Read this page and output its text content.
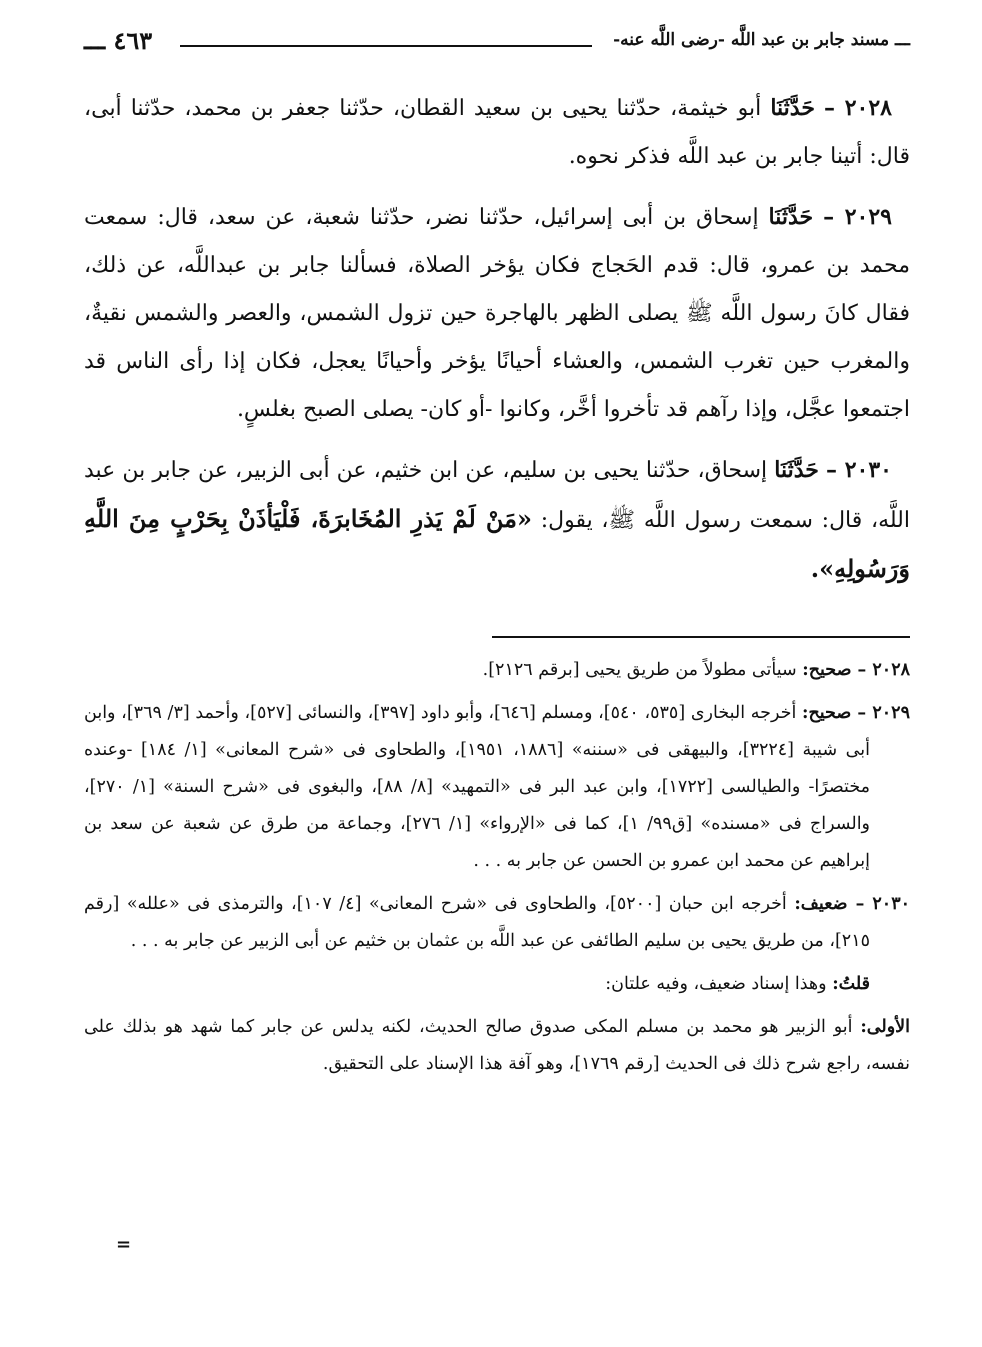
ـــ مسند جابر بن عبد اللَّه -رضى اللَّه عنه-
٤٦٣ ـــ

٢٠٢٨ – حَدَّثَنَا أبو خيثمة، حدّثنا يحيى بن سعيد القطان، حدّثنا جعفر بن محمد، حدّثنا أبى، قال: أتينا جابر بن عبد اللَّه فذكر نحوه.

٢٠٢٩ – حَدَّثَنَا إسحاق بن أبى إسرائيل، حدّثنا نضر، حدّثنا شعبة، عن سعد، قال: سمعت محمد بن عمرو، قال: قدم الحَجاج فكان يؤخر الصلاة، فسألنا جابر بن عبداللَّه، عن ذلك، فقال كانَ رسول اللَّه ﷺ يصلى الظهر بالهاجرة حين تزول الشمس، والعصر والشمس نقيةٌ، والمغرب حين تغرب الشمس، والعشاء أحيانًا يؤخر وأحيانًا يعجل، فكان إذا رأى الناس قد اجتمعوا عجَّل، وإذا رآهم قد تأخروا أخَّر، وكانوا -أو كان- يصلى الصبح بغلسٍ.

٢٠٣٠ – حَدَّثَنَا إسحاق، حدّثنا يحيى بن سليم، عن ابن خثيم، عن أبى الزبير، عن جابر بن عبد اللَّه، قال: سمعت رسول اللَّه ﷺ، يقول: «مَنْ لَمْ يَذرِ المُخَابرَةَ، فَلْيَأذَنْ بِحَرْبٍ مِنَ اللَّهِ وَرَسُولِهِ».

٢٠٢٨ – صحيح: سيأتى مطولاً من طريق يحيى [برقم ٢١٢٦].
٢٠٢٩ – صحيح: أخرجه البخارى [٥٣٥، ٥٤٠]، ومسلم [٦٤٦]، وأبو داود [٣٩٧]، والنسائى [٥٢٧]، وأحمد [٣/ ٣٦٩]، وابن أبى شيبة [٣٢٢٤]، والبيهقى فى «سننه» [١٨٨٦، ١٩٥١]، والطحاوى فى «شرح المعانى» [١/ ١٨٤] -وعنده مختصرًا- والطيالسى [١٧٢٢]، وابن عبد البر فى «التمهيد» [٨/ ٨٨]، والبغوى فى «شرح السنة» [١/ ٢٧٠]، والسراج فى «مسنده» [ق٩٩/ ١]، كما فى «الإرواء» [١/ ٢٧٦]، وجماعة من طرق عن شعبة عن سعد بن إبراهيم عن محمد ابن عمرو بن الحسن عن جابر به . . .
٢٠٣٠ – ضعيف: أخرجه ابن حبان [٥٢٠٠]، والطحاوى فى «شرح المعانى» [٤/ ١٠٧]، والترمذى فى «علله» [رقم ٢١٥]، من طريق يحيى بن سليم الطائفى عن عبد اللَّه بن عثمان بن خثيم عن أبى الزبير عن جابر به . . .
قلتُ: وهذا إسناد ضعيف، وفيه علتان:
الأولى: أبو الزبير هو محمد بن مسلم المكى صدوق صالح الحديث، لكنه يدلس عن جابر كما شهد هو بذلك على نفسه، راجع شرح ذلك فى الحديث [رقم ١٧٦٩]، وهو آفة هذا الإسناد على التحقيق.
=
